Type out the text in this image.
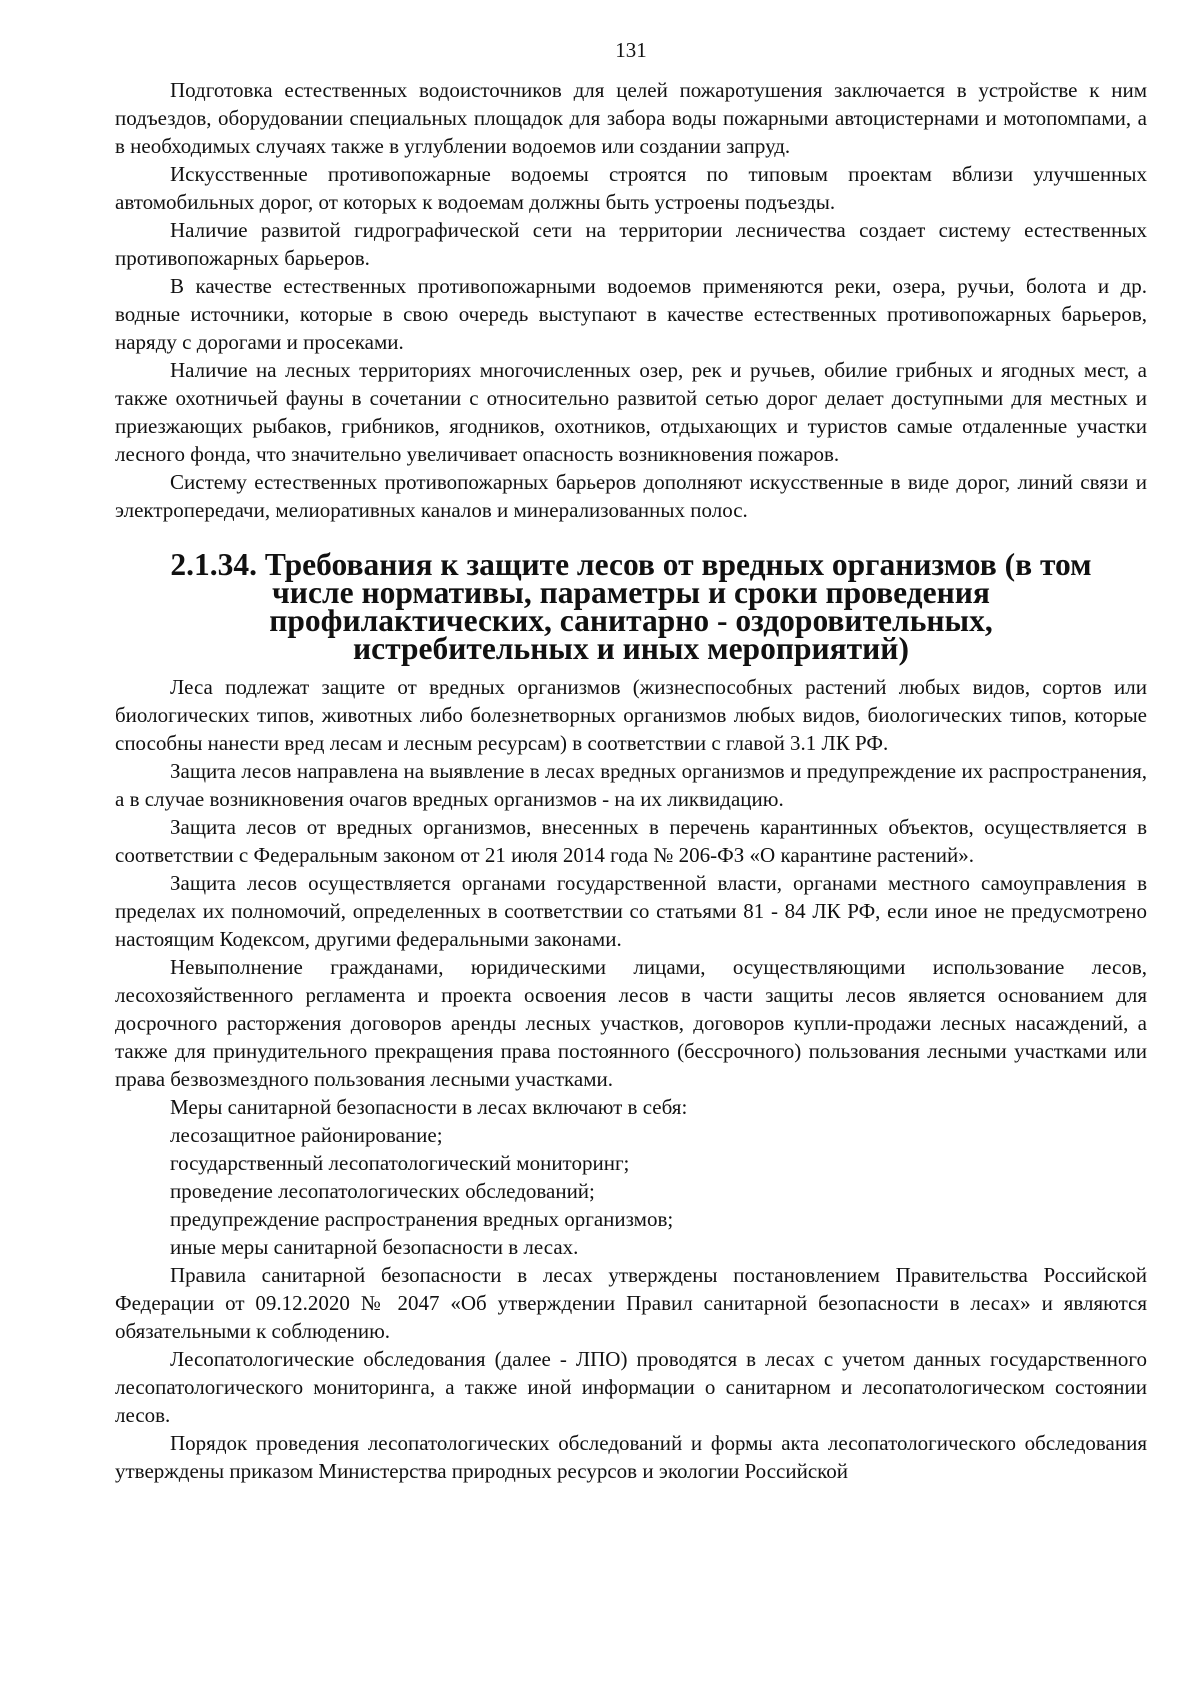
131

Подготовка естественных водоисточников для целей пожаротушения заключается в устройстве к ним подъездов, оборудовании специальных площадок для забора воды пожарными автоцистернами и мотопомпами, а в необходимых случаях также в углублении водоемов или создании запруд.

Искусственные противопожарные водоемы строятся по типовым проектам вблизи улучшенных автомобильных дорог, от которых к водоемам должны быть устроены подъезды.

Наличие развитой гидрографической сети на территории лесничества создает систему естественных противопожарных барьеров.

В качестве естественных противопожарными водоемов применяются реки, озера, ручьи, болота и др. водные источники, которые в свою очередь выступают в качестве естественных противопожарных барьеров, наряду с дорогами и просеками.

Наличие на лесных территориях многочисленных озер, рек и ручьев, обилие грибных и ягодных мест, а также охотничьей фауны в сочетании с относительно развитой сетью дорог делает доступными для местных и приезжающих рыбаков, грибников, ягодников, охотников, отдыхающих и туристов самые отдаленные участки лесного фонда, что значительно увеличивает опасность возникновения пожаров.

Систему естественных противопожарных барьеров дополняют искусственные в виде дорог, линий связи и электропередачи, мелиоративных каналов и минерализованных полос.

2.1.34. Требования к защите лесов от вредных организмов (в том числе нормативы, параметры и сроки проведения профилактических, санитарно - оздоровительных, истребительных и иных мероприятий)

Леса подлежат защите от вредных организмов (жизнеспособных растений любых видов, сортов или биологических типов, животных либо болезнетворных организмов любых видов, биологических типов, которые способны нанести вред лесам и лесным ресурсам) в соответствии с главой 3.1 ЛК РФ.

Защита лесов направлена на выявление в лесах вредных организмов и предупреждение их распространения, а в случае возникновения очагов вредных организмов - на их ликвидацию.

Защита лесов от вредных организмов, внесенных в перечень карантинных объектов, осуществляется в соответствии с Федеральным законом от 21 июля 2014 года № 206-ФЗ «О карантине растений».

Защита лесов осуществляется органами государственной власти, органами местного самоуправления в пределах их полномочий, определенных в соответствии со статьями 81 - 84 ЛК РФ, если иное не предусмотрено настоящим Кодексом, другими федеральными законами.

Невыполнение гражданами, юридическими лицами, осуществляющими использование лесов, лесохозяйственного регламента и проекта освоения лесов в части защиты лесов является основанием для досрочного расторжения договоров аренды лесных участков, договоров купли-продажи лесных насаждений, а также для принудительного прекращения права постоянного (бессрочного) пользования лесными участками или права безвозмездного пользования лесными участками.

Меры санитарной безопасности в лесах включают в себя:

лесозащитное районирование;

государственный лесопатологический мониторинг;

проведение лесопатологических обследований;

предупреждение распространения вредных организмов;

иные меры санитарной безопасности в лесах.

Правила санитарной безопасности в лесах утверждены постановлением Правительства Российской Федерации от 09.12.2020 № 2047 «Об утверждении Правил санитарной безопасности в лесах» и являются обязательными к соблюдению.

Лесопатологические обследования (далее - ЛПО) проводятся в лесах с учетом данных государственного лесопатологического мониторинга, а также иной информации о санитарном и лесопатологическом состоянии лесов.

Порядок проведения лесопатологических обследований и формы акта лесопатологического обследования утверждены приказом Министерства природных ресурсов и экологии Российской
